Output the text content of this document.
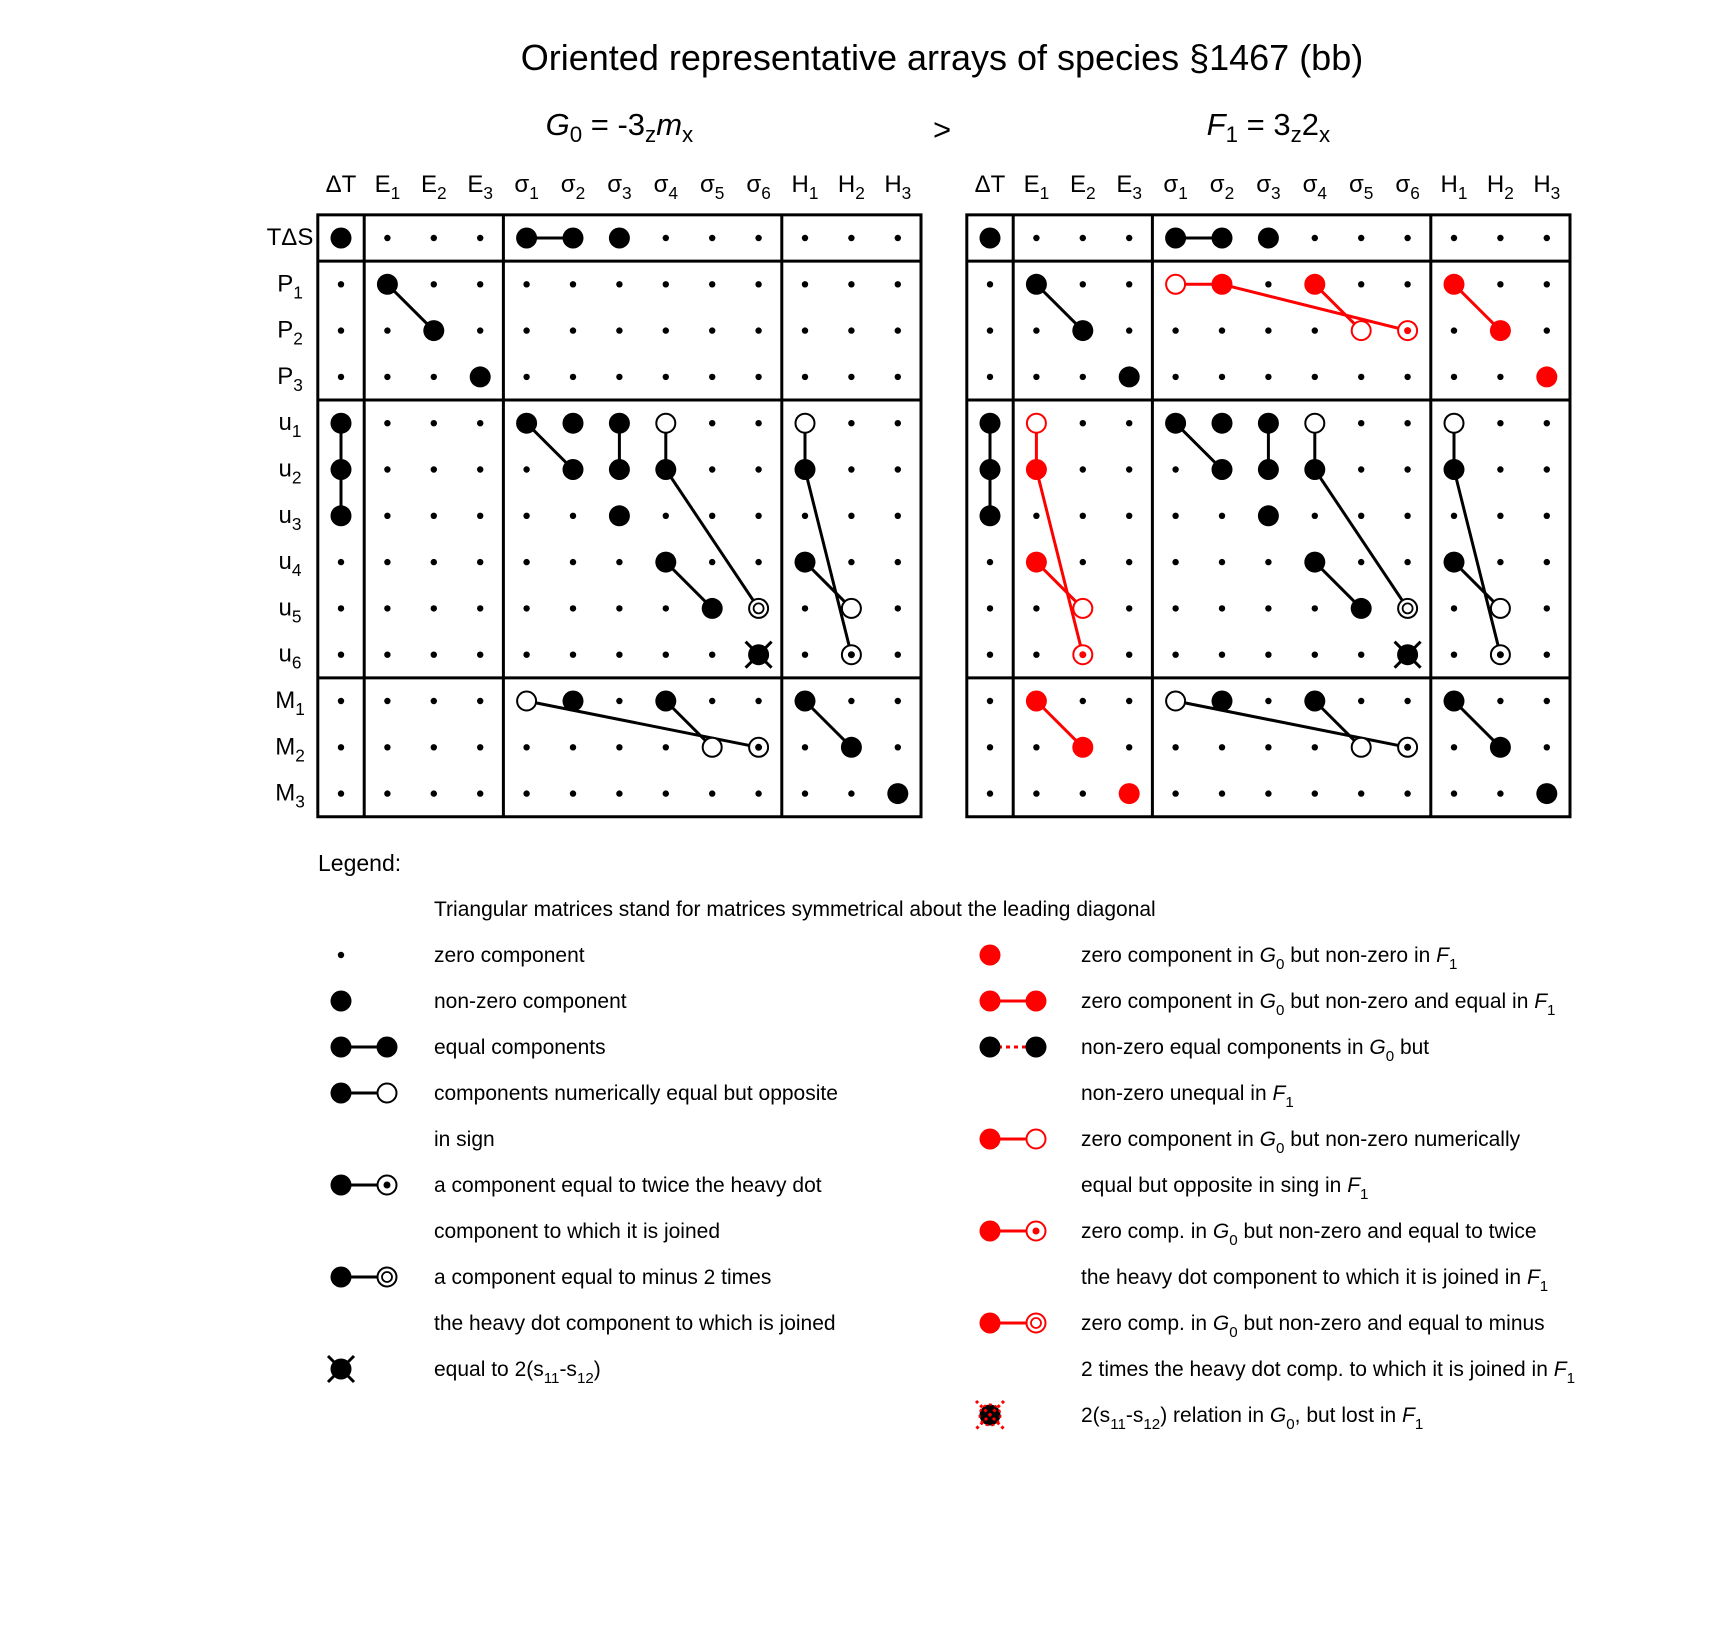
Oriented representative arrays of species §1467 (bb)
>
$G_0 = -3_zm_x$
ΔT $E_1$ $E_2$ $E_3$ $\sigma_1$ $\sigma_2$ $\sigma_3$ $\sigma_4$ $\sigma_5$ $\sigma_6$ $H_1$ $H_2$ $H_3$
TΔS
$P_1$
$P_2$
$P_3$
$u_1$
$u_2$
$u_3$
$u_4$
$u_5$
$u_6$
$M_1$
$M_2$
$M_3$
$F_1 = 3_z2_x$
ΔT $E_1$ $E_2$ $E_3$ $\sigma_1$ $\sigma_2$ $\sigma_3$ $\sigma_4$ $\sigma_5$ $\sigma_6$ $H_1$ $H_2$ $H_3$
Legend:
Triangular matrices stand for matrices symmetrical about the leading diagonal
zero component
non-zero component
equal components
components numerically equal but opposite
in sign
a component equal to twice the heavy dot
component to which it is joined
a component equal to minus 2 times
the heavy dot component to which is joined
equal to $2(s_{11}-s_{12})$
zero component in $G_0$ but non-zero in $F_1$
zero component in $G_0$ but non-zero and equal in $F_1$
non-zero equal components in $G_0$ but
non-zero unequal in $F_1$
zero component in $G_0$ but non-zero numerically
equal but opposite in sing in $F_1$
zero comp. in $G_0$ but non-zero and equal to twice
the heavy dot component to which it is joined in $F_1$
zero comp. in $G_0$ but non-zero and equal to minus
2 times the heavy dot comp. to which it is joined in $F_1$
$2(s_{11}-s_{12})$ relation in $G_0$, but lost in $F_1$
